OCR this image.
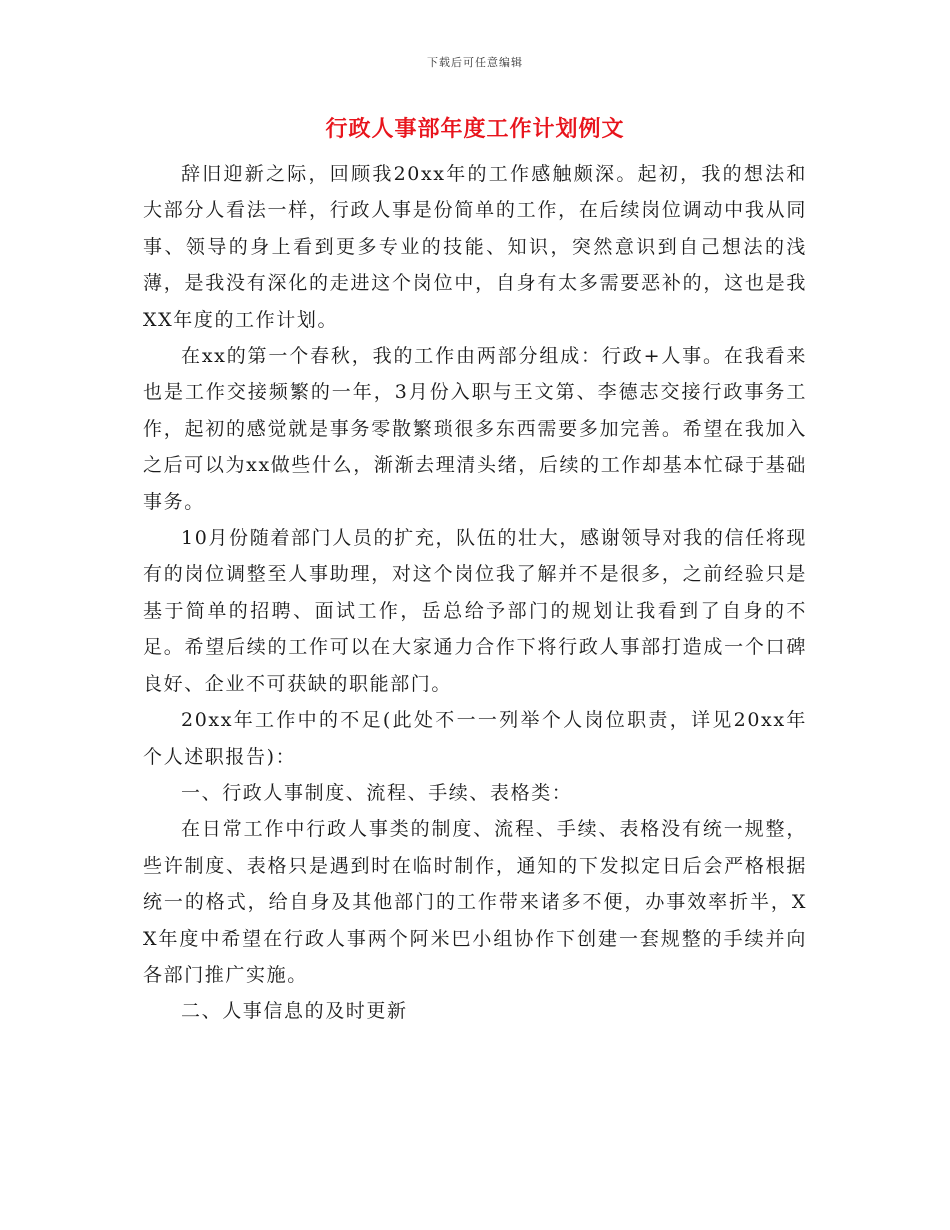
下载后可任意编辑
行政人事部年度工作计划例文

辞旧迎新之际，回顾我20xx年的工作感触颇深。起初，我的想法和大部分人看法一样，行政人事是份简单的工作，在后续岗位调动中我从同事、领导的身上看到更多专业的技能、知识，突然意识到自己想法的浅薄，是我没有深化的走进这个岗位中，自身有太多需要恶补的，这也是我XX年度的工作计划。

在xx的第一个春秋，我的工作由两部分组成：行政+人事。在我看来也是工作交接频繁的一年，3月份入职与王文第、李德志交接行政事务工作，起初的感觉就是事务零散繁琐很多东西需要多加完善。希望在我加入之后可以为xx做些什么，渐渐去理清头绪，后续的工作却基本忙碌于基础事务。

10月份随着部门人员的扩充，队伍的壮大，感谢领导对我的信任将现有的岗位调整至人事助理，对这个岗位我了解并不是很多，之前经验只是基于简单的招聘、面试工作，岳总给予部门的规划让我看到了自身的不足。希望后续的工作可以在大家通力合作下将行政人事部打造成一个口碑良好、企业不可获缺的职能部门。

20xx年工作中的不足(此处不一一列举个人岗位职责，详见20xx年个人述职报告)：

一、行政人事制度、流程、手续、表格类：

在日常工作中行政人事类的制度、流程、手续、表格没有统一规整，些许制度、表格只是遇到时在临时制作，通知的下发拟定日后会严格根据统一的格式，给自身及其他部门的工作带来诸多不便，办事效率折半，XX年度中希望在行政人事两个阿米巴小组协作下创建一套规整的手续并向各部门推广实施。

二、人事信息的及时更新
